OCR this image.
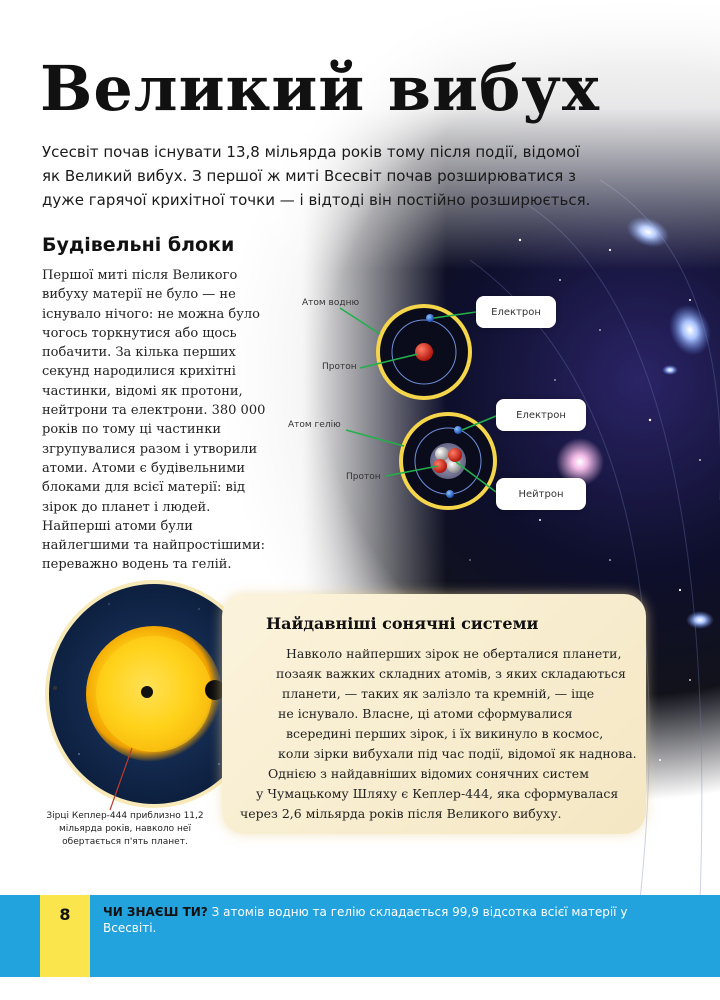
Великий вибух

Усесвіт почав існувати 13,8 мільярда років тому після події, відомої як Великий вибух. З першої ж миті Всесвіт почав розширюватися з дуже гарячої крихітної точки — і відтоді він постійно розширюється.

Будівельні блоки

Першої миті після Великого вибуху матерії не було — не існувало нічого: не можна було чогось торкнутися або щось побачити. За кілька перших секунд народилися крихітні частинки, відомі як протони, нейтрони та електрони. 380 000 років по тому ці частинки згрупувалися разом і утворили атоми. Атоми є будівельними блоками для всієї матерії: від зірок до планет і людей. Найперші атоми були найлегшими та найпростішими: переважно водень та гелій.

Атом водню
Протон
Електрон
Атом гелію
Протон
Електрон
Нейтрон

Зірці Кеплер-444 приблизно 11,2 мільярда років, навколо неї обертається п'ять планет.

Найдавніші сонячні системи
Навколо найперших зірок не оберталися планети,
позаяк важких складних атомів, з яких складаються
планети, — таких як залізло та кремній, — іще
не існувало. Власне, ці атоми сформувалися
всередині перших зірок, і їх викинуло в космос,
коли зірки вибухали під час події, відомої як наднова.
Однією з найдавніших відомих сонячних систем
у Чумацькому Шляху є Кеплер-444, яка сформувалася
через 2,6 мільярда років після Великого вибуху.
8	ЧИ ЗНАЄШ ТИ? З атомів водню та гелію складається 99,9 відсотка всієї матерії у Всесвіті.
